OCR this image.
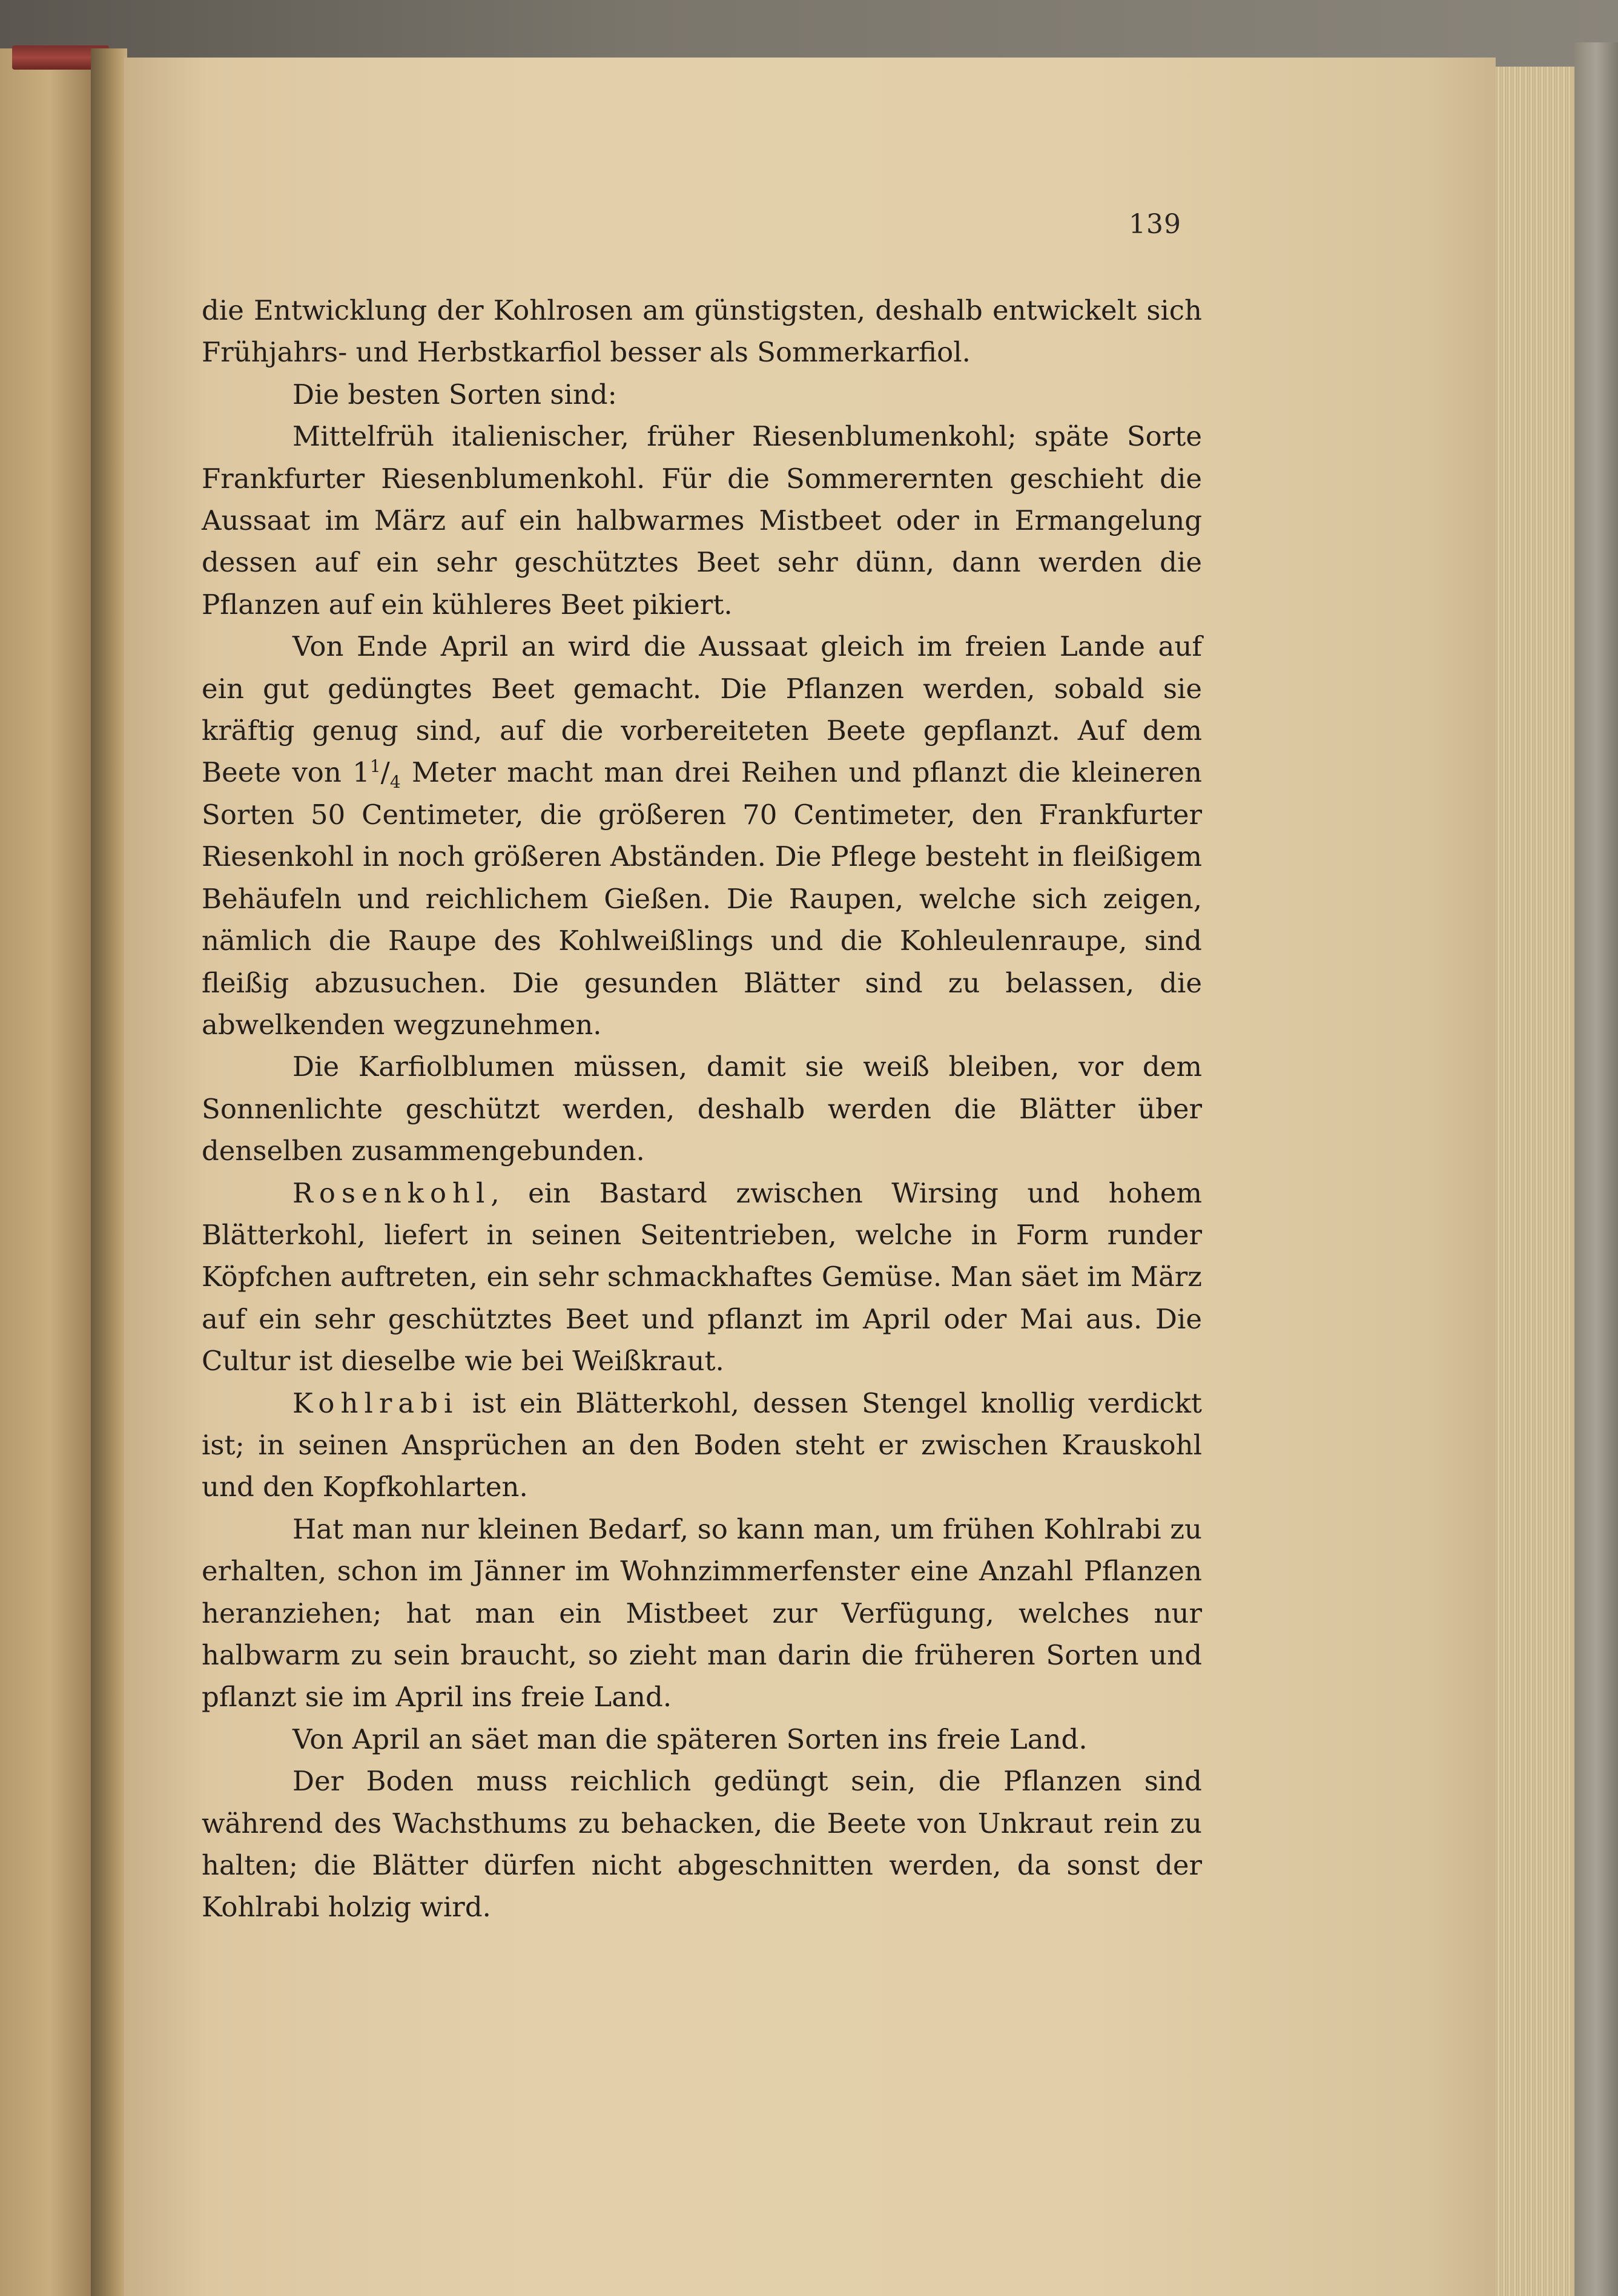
139

die Entwicklung der Kohlrosen am günstigsten, deshalb entwickelt sich Frühjahrs- und Herbstkarfiol besser als Sommerkarfiol.

Die besten Sorten sind:

Mittelfrüh italienischer, früher Riesenblumenkohl; späte Sorte Frankfurter Riesenblumenkohl. Für die Sommerernten geschieht die Aussaat im März auf ein halbwarmes Mistbeet oder in Ermangelung dessen auf ein sehr geschütztes Beet sehr dünn, dann werden die Pflanzen auf ein kühleres Beet pikiert.

Von Ende April an wird die Aussaat gleich im freien Lande auf ein gut gedüngtes Beet gemacht. Die Pflanzen werden, sobald sie kräftig genug sind, auf die vorbereiteten Beete gepflanzt. Auf dem Beete von $1^1/_4$ Meter macht man drei Reihen und pflanzt die kleineren Sorten 50 Centimeter, die größeren 70 Centimeter, den Frankfurter Riesenkohl in noch größeren Abständen. Die Pflege besteht in fleißigem Behäufeln und reichlichem Gießen. Die Raupen, welche sich zeigen, nämlich die Raupe des Kohlweißlings und die Kohleulenraupe, sind fleißig abzusuchen. Die gesunden Blätter sind zu belassen, die abwelkenden wegzunehmen.

Die Karfiolblumen müssen, damit sie weiß bleiben, vor dem Sonnenlichte geschützt werden, deshalb werden die Blätter über denselben zusammengebunden.

Rosenkohl, ein Bastard zwischen Wirsing und hohem Blätterkohl, liefert in seinen Seitentrieben, welche in Form runder Köpfchen auftreten, ein sehr schmackhaftes Gemüse. Man säet im März auf ein sehr geschütztes Beet und pflanzt im April oder Mai aus. Die Cultur ist dieselbe wie bei Weißkraut.

Kohlrabi ist ein Blätterkohl, dessen Stengel knollig verdickt ist; in seinen Ansprüchen an den Boden steht er zwischen Krauskohl und den Kopfkohlarten.

Hat man nur kleinen Bedarf, so kann man, um frühen Kohlrabi zu erhalten, schon im Jänner im Wohnzimmerfenster eine Anzahl Pflanzen heranziehen; hat man ein Mistbeet zur Verfügung, welches nur halbwarm zu sein braucht, so zieht man darin die früheren Sorten und pflanzt sie im April ins freie Land.

Von April an säet man die späteren Sorten ins freie Land.

Der Boden muss reichlich gedüngt sein, die Pflanzen sind während des Wachsthums zu behacken, die Beete von Unkraut rein zu halten; die Blätter dürfen nicht abgeschnitten werden, da sonst der Kohlrabi holzig wird.
